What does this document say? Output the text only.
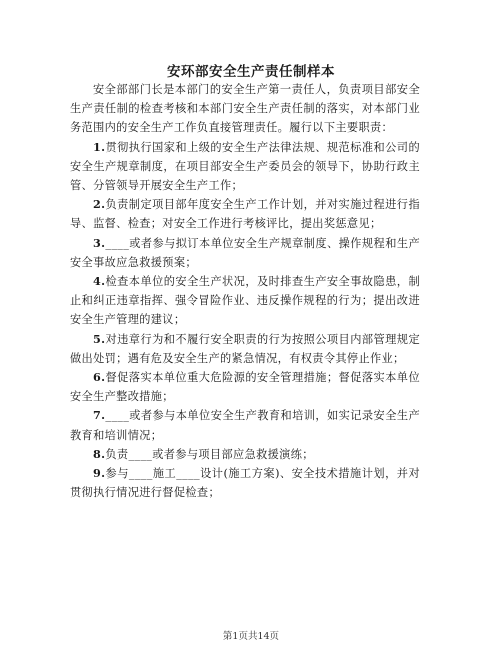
安环部安全生产责任制样本

安全部部门长是本部门的安全生产第一责任人，负责项目部安全生产责任制的检查考核和本部门安全生产责任制的落实，对本部门业务范围内的安全生产工作负直接管理责任。履行以下主要职责：

1.贯彻执行国家和上级的安全生产法律法规、规范标准和公司的安全生产规章制度，在项目部安全生产委员会的领导下，协助行政主管、分管领导开展安全生产工作；

2.负责制定项目部年度安全生产工作计划，并对实施过程进行指导、监督、检查；对安全工作进行考核评比，提出奖惩意见；

3.____或者参与拟订本单位安全生产规章制度、操作规程和生产安全事故应急救援预案；

4.检查本单位的安全生产状况，及时排查生产安全事故隐患，制止和纠正违章指挥、强令冒险作业、违反操作规程的行为；提出改进安全生产管理的建议；

5.对违章行为和不履行安全职责的行为按照公项目内部管理规定做出处罚；遇有危及安全生产的紧急情况，有权责令其停止作业；

6.督促落实本单位重大危险源的安全管理措施；督促落实本单位安全生产整改措施；

7.____或者参与本单位安全生产教育和培训，如实记录安全生产教育和培训情况；

8.负责____或者参与项目部应急救援演练；

9.参与____施工____设计(施工方案)、安全技术措施计划，并对贯彻执行情况进行督促检查；

第1页共14页
